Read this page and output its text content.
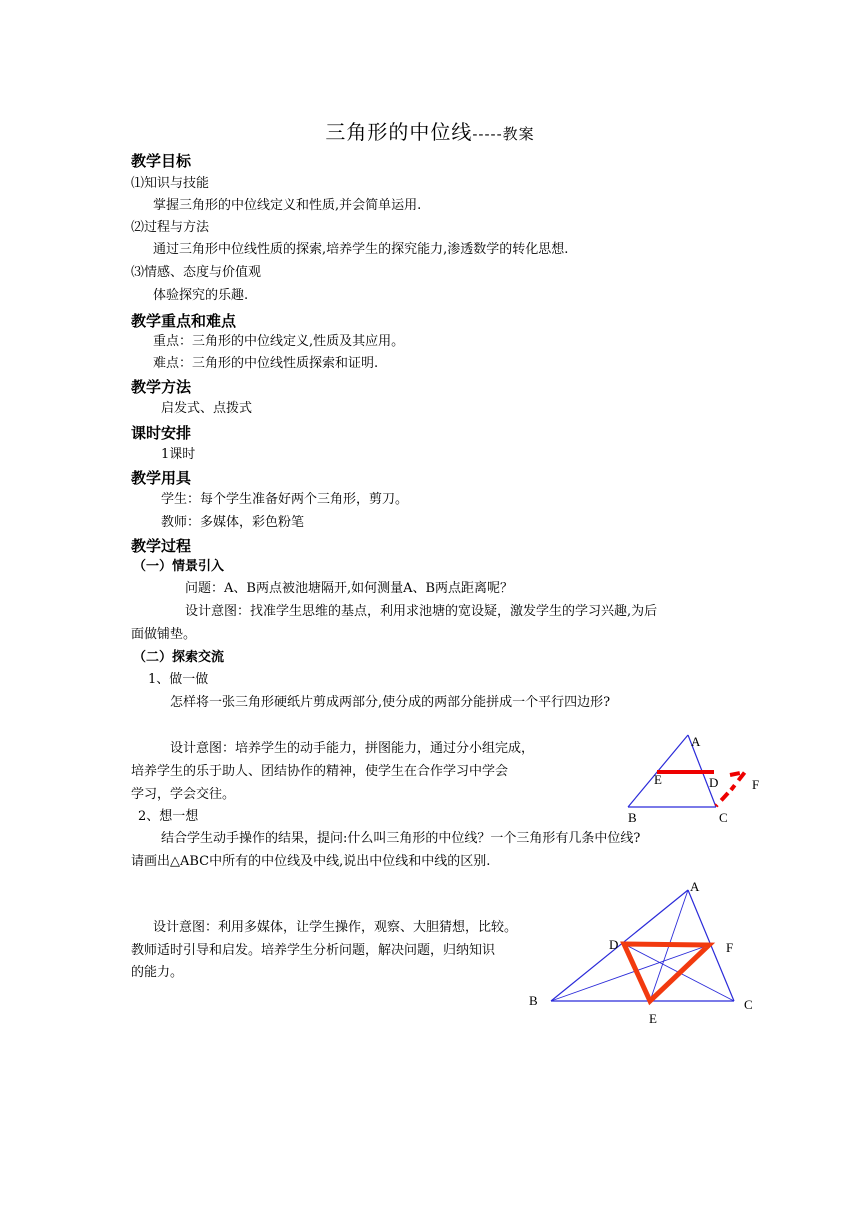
三角形的中位线-----教案
教学目标
⑴知识与技能
掌握三角形的中位线定义和性质,并会简单运用.
⑵过程与方法
通过三角形中位线性质的探索,培养学生的探究能力,渗透数学的转化思想.
⑶情感、态度与价值观
体验探究的乐趣.
教学重点和难点
重点：三角形的中位线定义,性质及其应用。
难点：三角形的中位线性质探索和证明.
教学方法
启发式、点拨式
课时安排
1课时
教学用具
学生：每个学生准备好两个三角形，剪刀。
教师：多媒体，彩色粉笔
教学过程
（一）情景引入
问题：A、B两点被池塘隔开,如何测量A、B两点距离呢？
设计意图：找准学生思维的基点，利用求池塘的宽设疑，激发学生的学习兴趣,为后
面做铺垫。
（二）探索交流
1、做一做
怎样将一张三角形硬纸片剪成两部分,使分成的两部分能拼成一个平行四边形?
设计意图：培养学生的动手能力，拼图能力，通过分小组完成，
培养学生的乐于助人、团结协作的精神，使学生在合作学习中学会
学习，学会交往。
2、想一想
结合学生动手操作的结果，提问:什么叫三角形的中位线？一个三角形有几条中位线?
请画出△ABC中所有的中位线及中线,说出中位线和中线的区别.
设计意图：利用多媒体，让学生操作，观察、大胆猜想，比较。
教师适时引导和启发。培养学生分析问题，解决问题，归纳知识
的能力。
A
B	C
D
E	F
A
B	C
D
E
F
